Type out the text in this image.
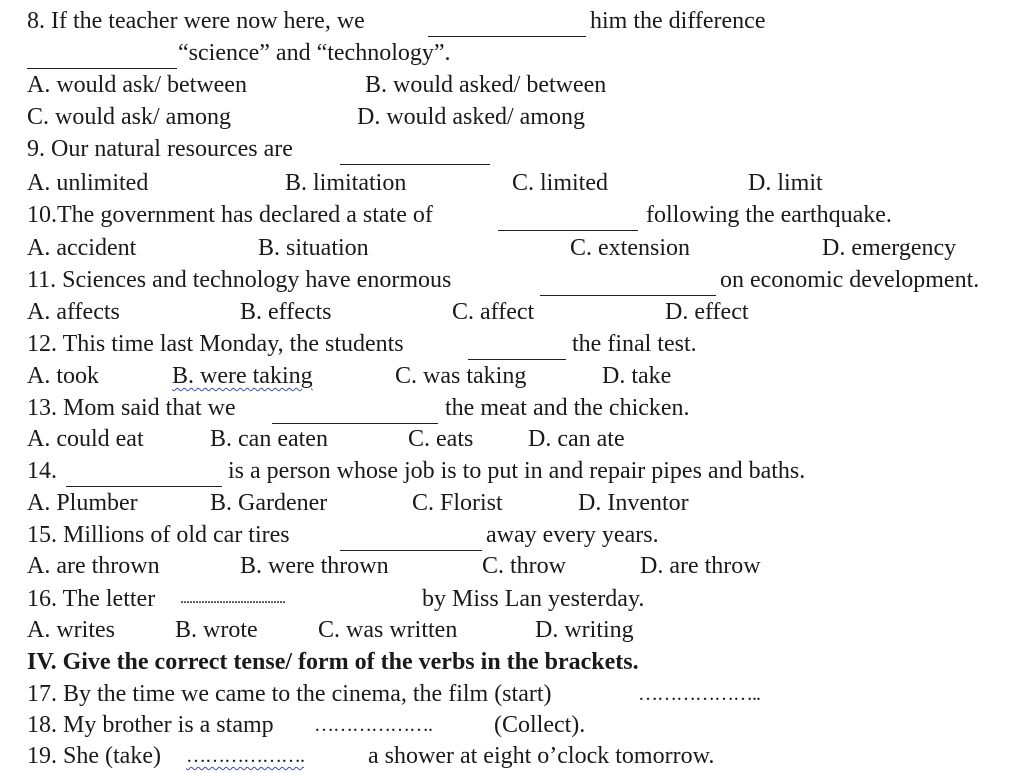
8. If the teacher were now here, we	him the difference
“science” and “technology”.
A. would ask/ between	B. would asked/ between
C. would ask/ among	D. would asked/ among
9. Our natural resources are
A. unlimited	B. limitation	C. limited	D. limit
10.The government has declared a state of	following the earthquake.
A. accident	B. situation	C. extension	D. emergency
11. Sciences and technology have enormous	on economic development.
A. affects	B. effects	C. affect	D. effect
12. This time last Monday, the students	the final test.
A. took	B. were taking	C. was taking	D. take
13. Mom said that we	the meat and the chicken.
A. could eat	B. can eaten	C. eats D. can ate
14.	is a person whose job is to put in and repair pipes and baths.
A. Plumber	B. Gardener	C. Florist	D. Inventor
15. Millions of old car tires	away every years.
A. are thrown	B. were thrown	C. throw	D. are throw
16. The letter ...................................	by Miss Lan yesterday.
A. writes	B. wrote	C. was written	D. writing
IV. Give the correct tense/ form of the verbs in the brackets.
17. By the time we came to the cinema, the film (start)	………………..
18. My brother is a stamp ……………….	(Collect).
19. She (take) ……………….	a shower at eight o’clock tomorrow.
